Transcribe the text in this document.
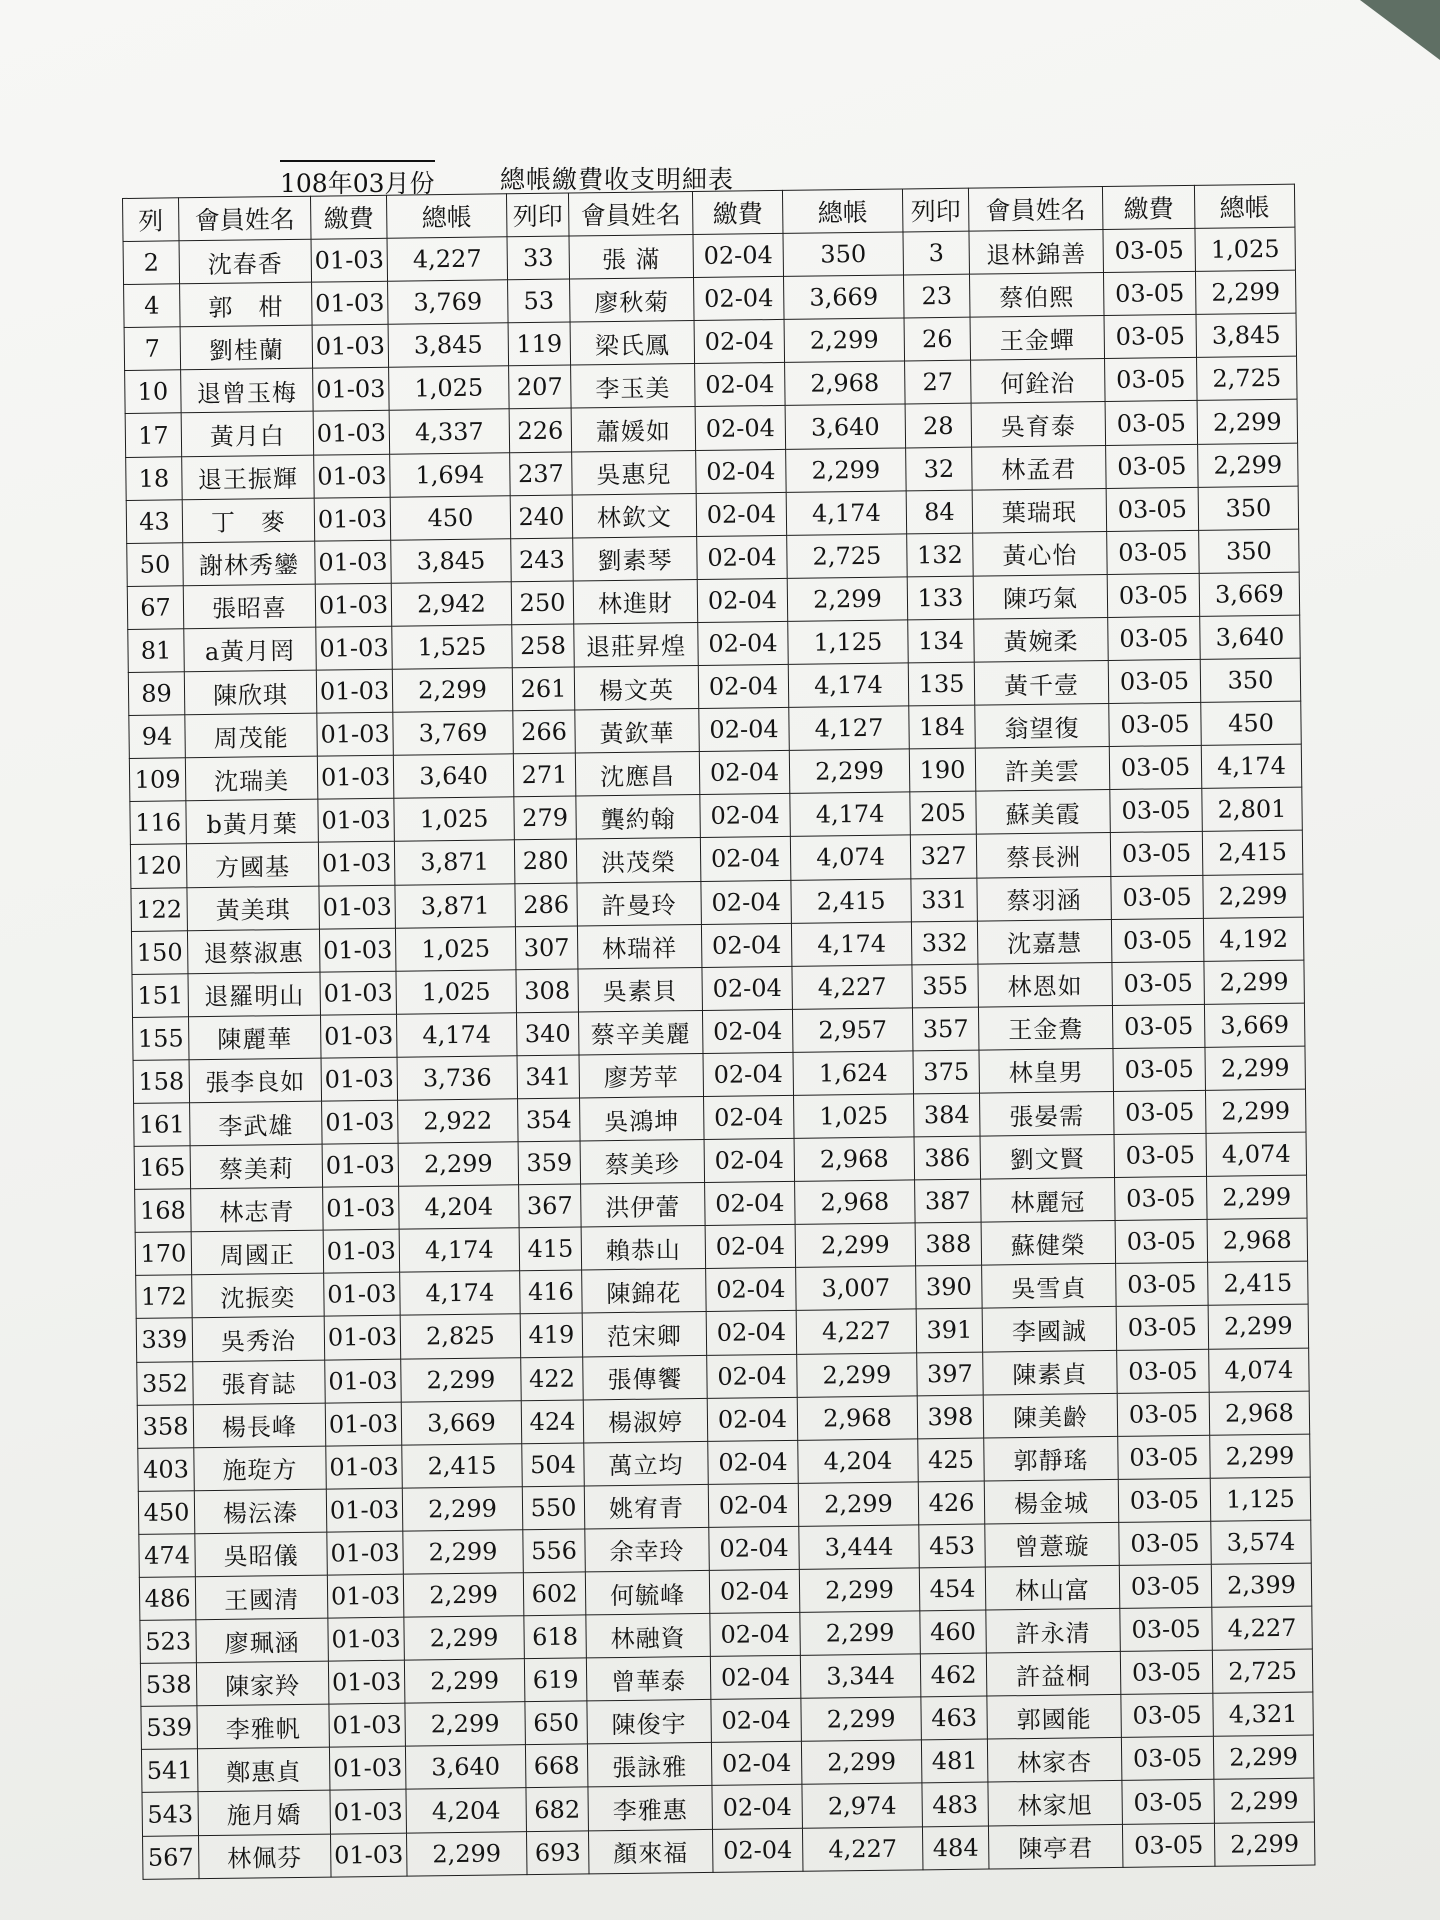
108年03月份	總帳繳費收支明細表
列	會員姓名	繳費	總帳	列印	會員姓名	繳費	總帳	列印	會員姓名	繳費	總帳
2	沈春香	01-03	4,227	33	張 滿	02-04	350	3	退林錦善	03-05	1,025
4	郭　柑	01-03	3,769	53	廖秋菊	02-04	3,669	23	蔡伯熙	03-05	2,299
7	劉桂蘭	01-03	3,845	119	梁氏鳳	02-04	2,299	26	王金蟬	03-05	3,845
10	退曾玉梅	01-03	1,025	207	李玉美	02-04	2,968	27	何銓治	03-05	2,725
17	黃月白	01-03	4,337	226	蕭媛如	02-04	3,640	28	吳育泰	03-05	2,299
18	退王振輝	01-03	1,694	237	吳惠兒	02-04	2,299	32	林孟君	03-05	2,299
43	丁　麥	01-03	450	240	林欽文	02-04	4,174	84	葉瑞珉	03-05	350
50	謝林秀鑾	01-03	3,845	243	劉素琴	02-04	2,725	132	黃心怡	03-05	350
67	張昭喜	01-03	2,942	250	林進財	02-04	2,299	133	陳巧氣	03-05	3,669
81	a黃月罔	01-03	1,525	258	退莊昇煌	02-04	1,125	134	黃婉柔	03-05	3,640
89	陳欣琪	01-03	2,299	261	楊文英	02-04	4,174	135	黃千壹	03-05	350
94	周茂能	01-03	3,769	266	黃欽華	02-04	4,127	184	翁望復	03-05	450
109	沈瑞美	01-03	3,640	271	沈應昌	02-04	2,299	190	許美雲	03-05	4,174
116	b黃月葉	01-03	1,025	279	龔約翰	02-04	4,174	205	蘇美霞	03-05	2,801
120	方國基	01-03	3,871	280	洪茂榮	02-04	4,074	327	蔡長洲	03-05	2,415
122	黃美琪	01-03	3,871	286	許曼玲	02-04	2,415	331	蔡羽涵	03-05	2,299
150	退蔡淑惠	01-03	1,025	307	林瑞祥	02-04	4,174	332	沈嘉慧	03-05	4,192
151	退羅明山	01-03	1,025	308	吳素貝	02-04	4,227	355	林恩如	03-05	2,299
155	陳麗華	01-03	4,174	340	蔡辛美麗	02-04	2,957	357	王金鴦	03-05	3,669
158	張李良如	01-03	3,736	341	廖芳苹	02-04	1,624	375	林皇男	03-05	2,299
161	李武雄	01-03	2,922	354	吳鴻坤	02-04	1,025	384	張晏需	03-05	2,299
165	蔡美莉	01-03	2,299	359	蔡美珍	02-04	2,968	386	劉文賢	03-05	4,074
168	林志青	01-03	4,204	367	洪伊蕾	02-04	2,968	387	林麗冠	03-05	2,299
170	周國正	01-03	4,174	415	賴恭山	02-04	2,299	388	蘇健榮	03-05	2,968
172	沈振奕	01-03	4,174	416	陳錦花	02-04	3,007	390	吳雪貞	03-05	2,415
339	吳秀治	01-03	2,825	419	范宋卿	02-04	4,227	391	李國誠	03-05	2,299
352	張育誌	01-03	2,299	422	張傳饗	02-04	2,299	397	陳素貞	03-05	4,074
358	楊長峰	01-03	3,669	424	楊淑婷	02-04	2,968	398	陳美齡	03-05	2,968
403	施琁方	01-03	2,415	504	萬立均	02-04	4,204	425	郭靜瑤	03-05	2,299
450	楊沄溱	01-03	2,299	550	姚宥青	02-04	2,299	426	楊金城	03-05	1,125
474	吳昭儀	01-03	2,299	556	余幸玲	02-04	3,444	453	曾薏璇	03-05	3,574
486	王國清	01-03	2,299	602	何毓峰	02-04	2,299	454	林山富	03-05	2,399
523	廖珮涵	01-03	2,299	618	林融資	02-04	2,299	460	許永清	03-05	4,227
538	陳家羚	01-03	2,299	619	曾華泰	02-04	3,344	462	許益桐	03-05	2,725
539	李雅帆	01-03	2,299	650	陳俊宇	02-04	2,299	463	郭國能	03-05	4,321
541	鄭惠貞	01-03	3,640	668	張詠雅	02-04	2,299	481	林家杏	03-05	2,299
543	施月嬌	01-03	4,204	682	李雅惠	02-04	2,974	483	林家旭	03-05	2,299
567	林佩芬	01-03	2,299	693	顏來福	02-04	4,227	484	陳亭君	03-05	2,299
